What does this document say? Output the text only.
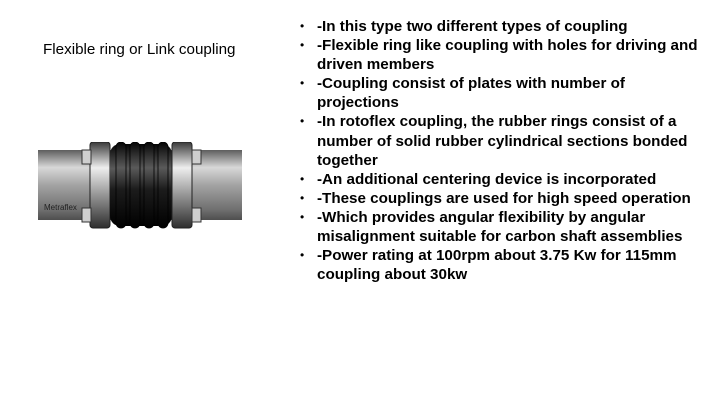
Flexible ring or Link coupling
Metraflex
• -In this type two different types of coupling
• -Flexible ring like coupling with holes for driving and driven members
• -Coupling consist of plates with number of projections
• -In rotoflex coupling, the rubber rings consist of a number of solid rubber cylindrical sections bonded together
• -An additional centering device is incorporated
• -These couplings are used for high speed operation
• -Which provides angular flexibility by angular misalignment suitable for carbon shaft assemblies
• -Power rating at 100rpm about 3.75 Kw for 115mm coupling about 30kw
